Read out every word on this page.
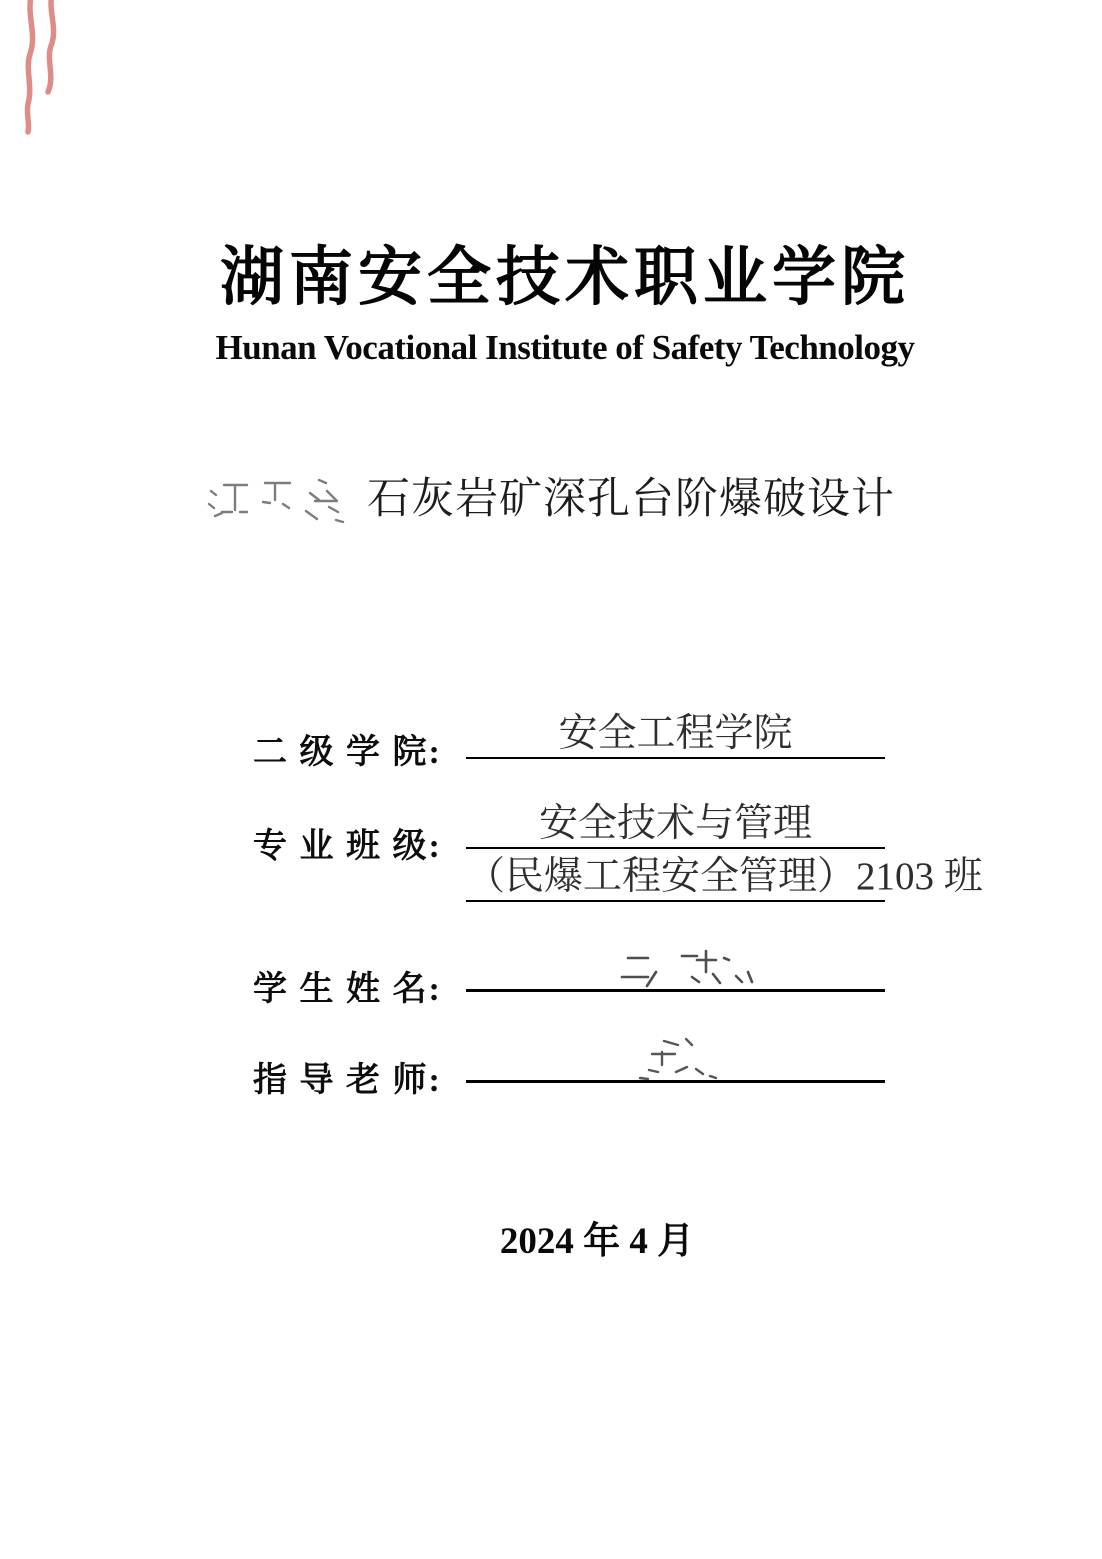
湖南安全技术职业学院
Hunan Vocational Institute of Safety Technology
石灰岩矿深孔台阶爆破设计
二 级 学 院:	安全工程学院
专 业 班 级:
安全技术与管理
（民爆工程安全管理）2103 班
学 生 姓 名:
指 导 老 师:
2024 年 4 月
